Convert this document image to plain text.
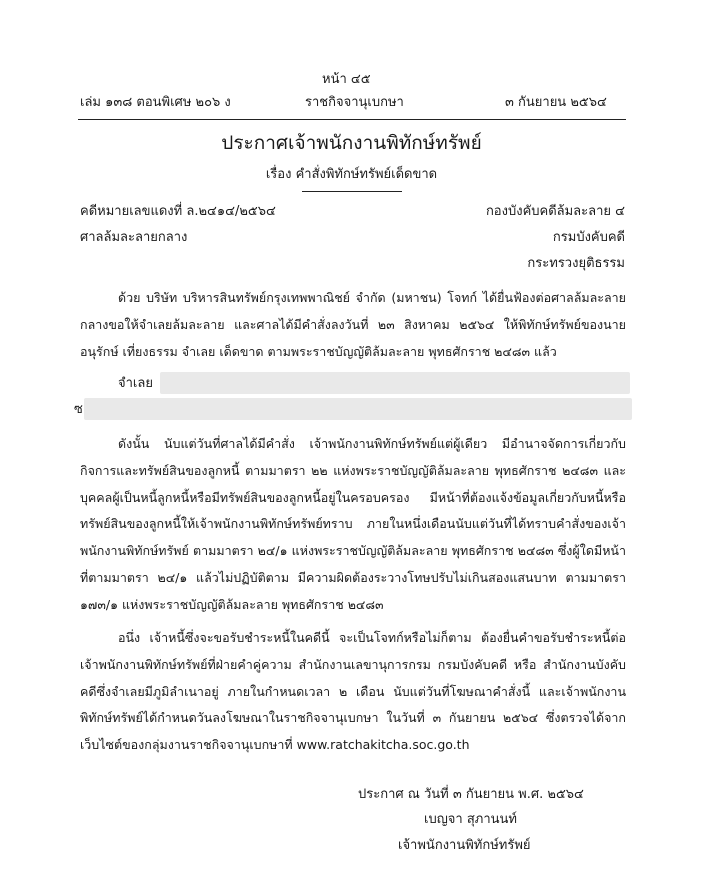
หน้า ๔๕
เล่ม ๑๓๘ ตอนพิเศษ ๒๐๖ ง	ราชกิจจานุเบกษา	๓ กันยายน ๒๕๖๔
ประกาศเจ้าพนักงานพิทักษ์ทรัพย์
เรื่อง คำสั่งพิทักษ์ทรัพย์เด็ดขาด
คดีหมายเลขแดงที่ ล.๒๔๑๔/๒๕๖๔
ศาลล้มละลายกลาง
กองบังคับคดีล้มละลาย ๔
กรมบังคับคดี
กระทรวงยุติธรรม
ด้วย บริษัท บริหารสินทรัพย์กรุงเทพพาณิชย์ จำกัด (มหาชน) โจทก์ ได้ยื่นฟ้องต่อศาลล้มละลายกลางขอให้จำเลยล้มละลาย และศาลได้มีคำสั่งลงวันที่ ๒๓ สิงหาคม ๒๕๖๔ ให้พิทักษ์ทรัพย์ของนายอนุรักษ์ เที่ยงธรรม จำเลย เด็ดขาด ตามพระราชบัญญัติล้มละลาย พุทธศักราช ๒๔๘๓ แล้ว
จำเลย
ซ
ดังนั้น นับแต่วันที่ศาลได้มีคำสั่ง เจ้าพนักงานพิทักษ์ทรัพย์แต่ผู้เดียว มีอำนาจจัดการเกี่ยวกับกิจการและทรัพย์สินของลูกหนี้ ตามมาตรา ๒๒ แห่งพระราชบัญญัติล้มละลาย พุทธศักราช ๒๔๘๓ และบุคคลผู้เป็นหนี้ลูกหนี้หรือมีทรัพย์สินของลูกหนี้อยู่ในครอบครอง มีหน้าที่ต้องแจ้งข้อมูลเกี่ยวกับหนี้หรือทรัพย์สินของลูกหนี้ให้เจ้าพนักงานพิทักษ์ทรัพย์ทราบ ภายในหนึ่งเดือนนับแต่วันที่ได้ทราบคำสั่งของเจ้าพนักงานพิทักษ์ทรัพย์ ตามมาตรา ๒๔/๑ แห่งพระราชบัญญัติล้มละลาย พุทธศักราช ๒๔๘๓ ซึ่งผู้ใดมีหน้าที่ตามมาตรา ๒๔/๑ แล้วไม่ปฏิบัติตาม มีความผิดต้องระวางโทษปรับไม่เกินสองแสนบาท ตามมาตรา ๑๗๓/๑ แห่งพระราชบัญญัติล้มละลาย พุทธศักราช ๒๔๘๓
อนึ่ง เจ้าหนี้ซึ่งจะขอรับชำระหนี้ในคดีนี้ จะเป็นโจทก์หรือไม่ก็ตาม ต้องยื่นคำขอรับชำระหนี้ต่อเจ้าพนักงานพิทักษ์ทรัพย์ที่ฝ่ายคำคู่ความ สำนักงานเลขานุการกรม กรมบังคับคดี หรือ สำนักงานบังคับคดีซึ่งจำเลยมีภูมิลำเนาอยู่ ภายในกำหนดเวลา ๒ เดือน นับแต่วันที่โฆษณาคำสั่งนี้ และเจ้าพนักงานพิทักษ์ทรัพย์ได้กำหนดวันลงโฆษณาในราชกิจจานุเบกษา ในวันที่ ๓ กันยายน ๒๕๖๔ ซึ่งตรวจได้จากเว็บไซต์ของกลุ่มงานราชกิจจานุเบกษาที่ www.ratchakitcha.soc.go.th
ประกาศ ณ วันที่ ๓ กันยายน พ.ศ. ๒๕๖๔
เบญจา สุภานนท์
เจ้าพนักงานพิทักษ์ทรัพย์
